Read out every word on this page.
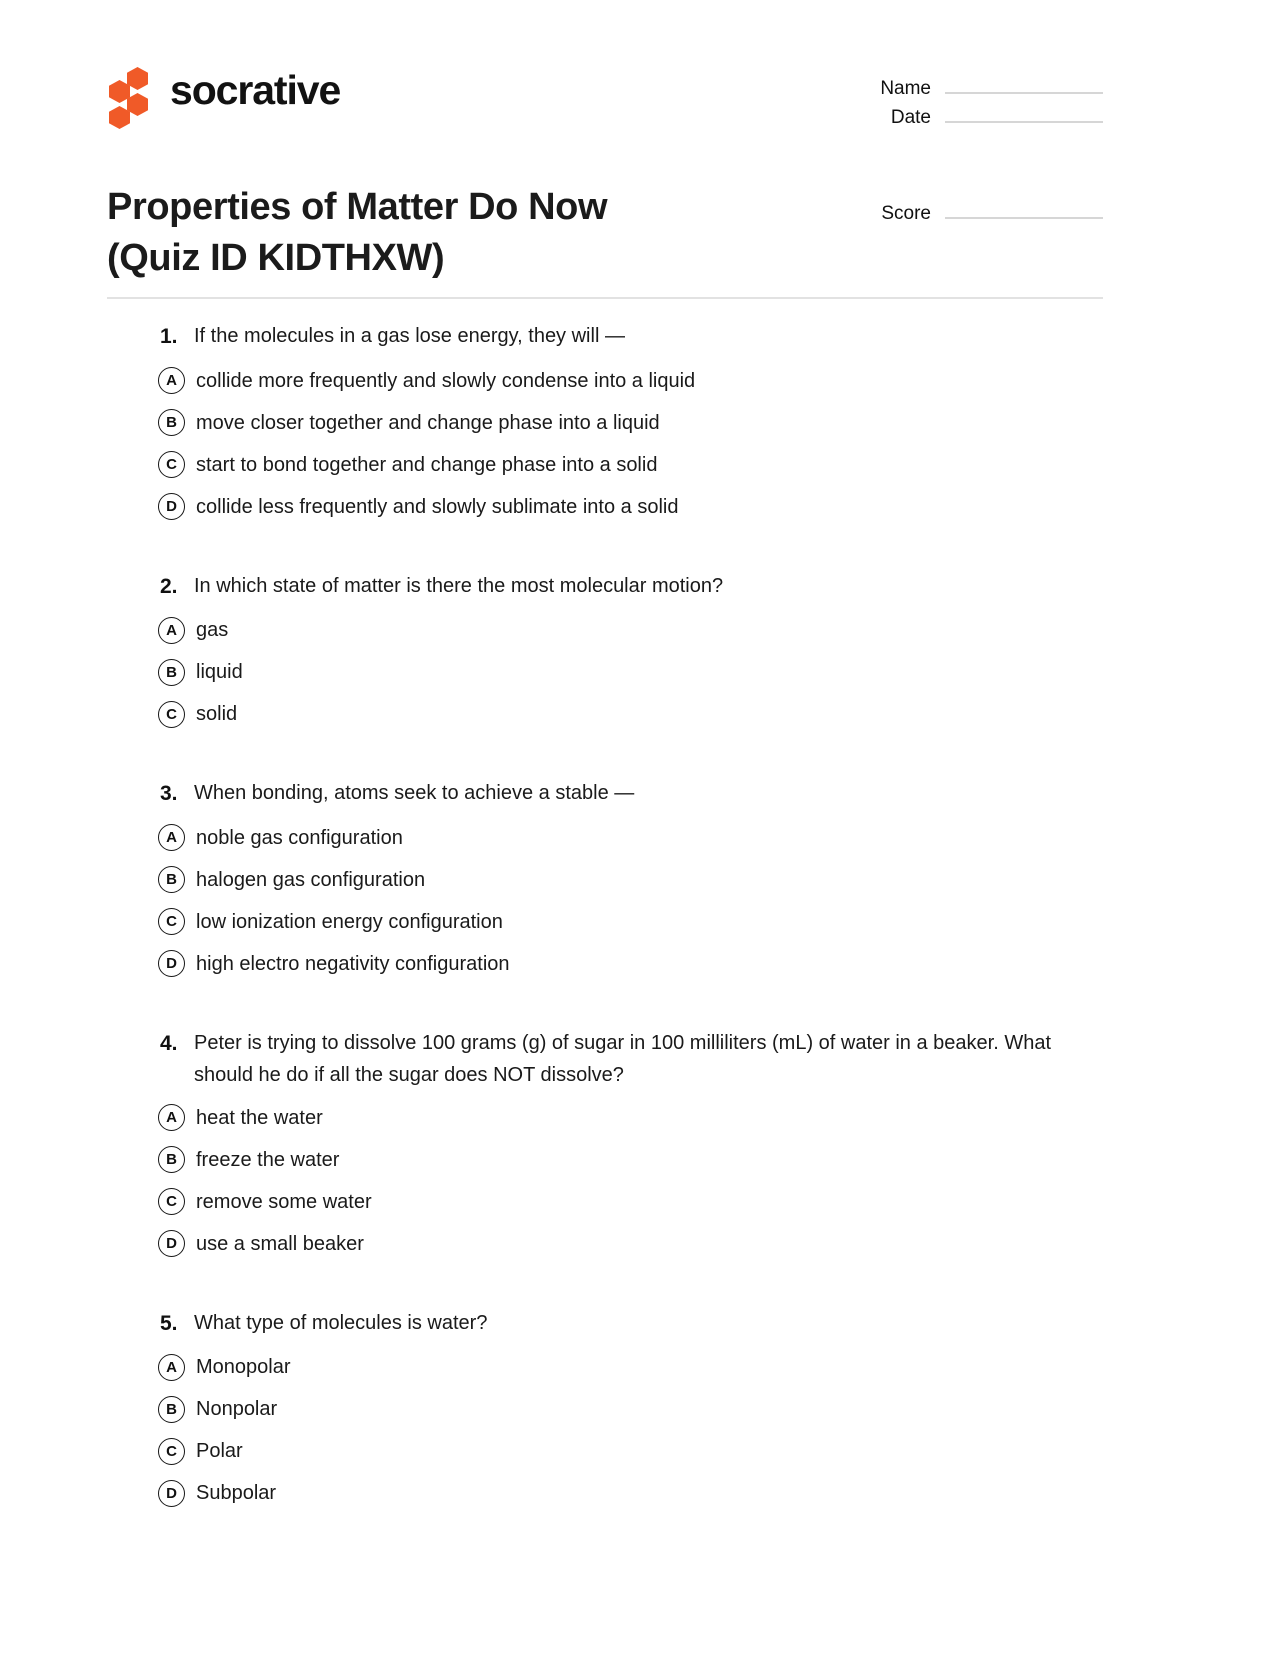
socrative
Properties of Matter Do Now
(Quiz ID KIDTHXW)
Name
Date
Score
1. If the molecules in a gas lose energy, they will —
A collide more frequently and slowly condense into a liquid
B move closer together and change phase into a liquid
C start to bond together and change phase into a solid
D collide less frequently and slowly sublimate into a solid
2. In which state of matter is there the most molecular motion?
A gas
B liquid
C solid
3. When bonding, atoms seek to achieve a stable —
A noble gas configuration
B halogen gas configuration
C low ionization energy configuration
D high electro negativity configuration
4. Peter is trying to dissolve 100 grams (g) of sugar in 100 milliliters (mL) of water in a beaker. What should he do if all the sugar does NOT dissolve?
A heat the water
B freeze the water
C remove some water
D use a small beaker
5. What type of molecules is water?
A Monopolar
B Nonpolar
C Polar
D Subpolar
